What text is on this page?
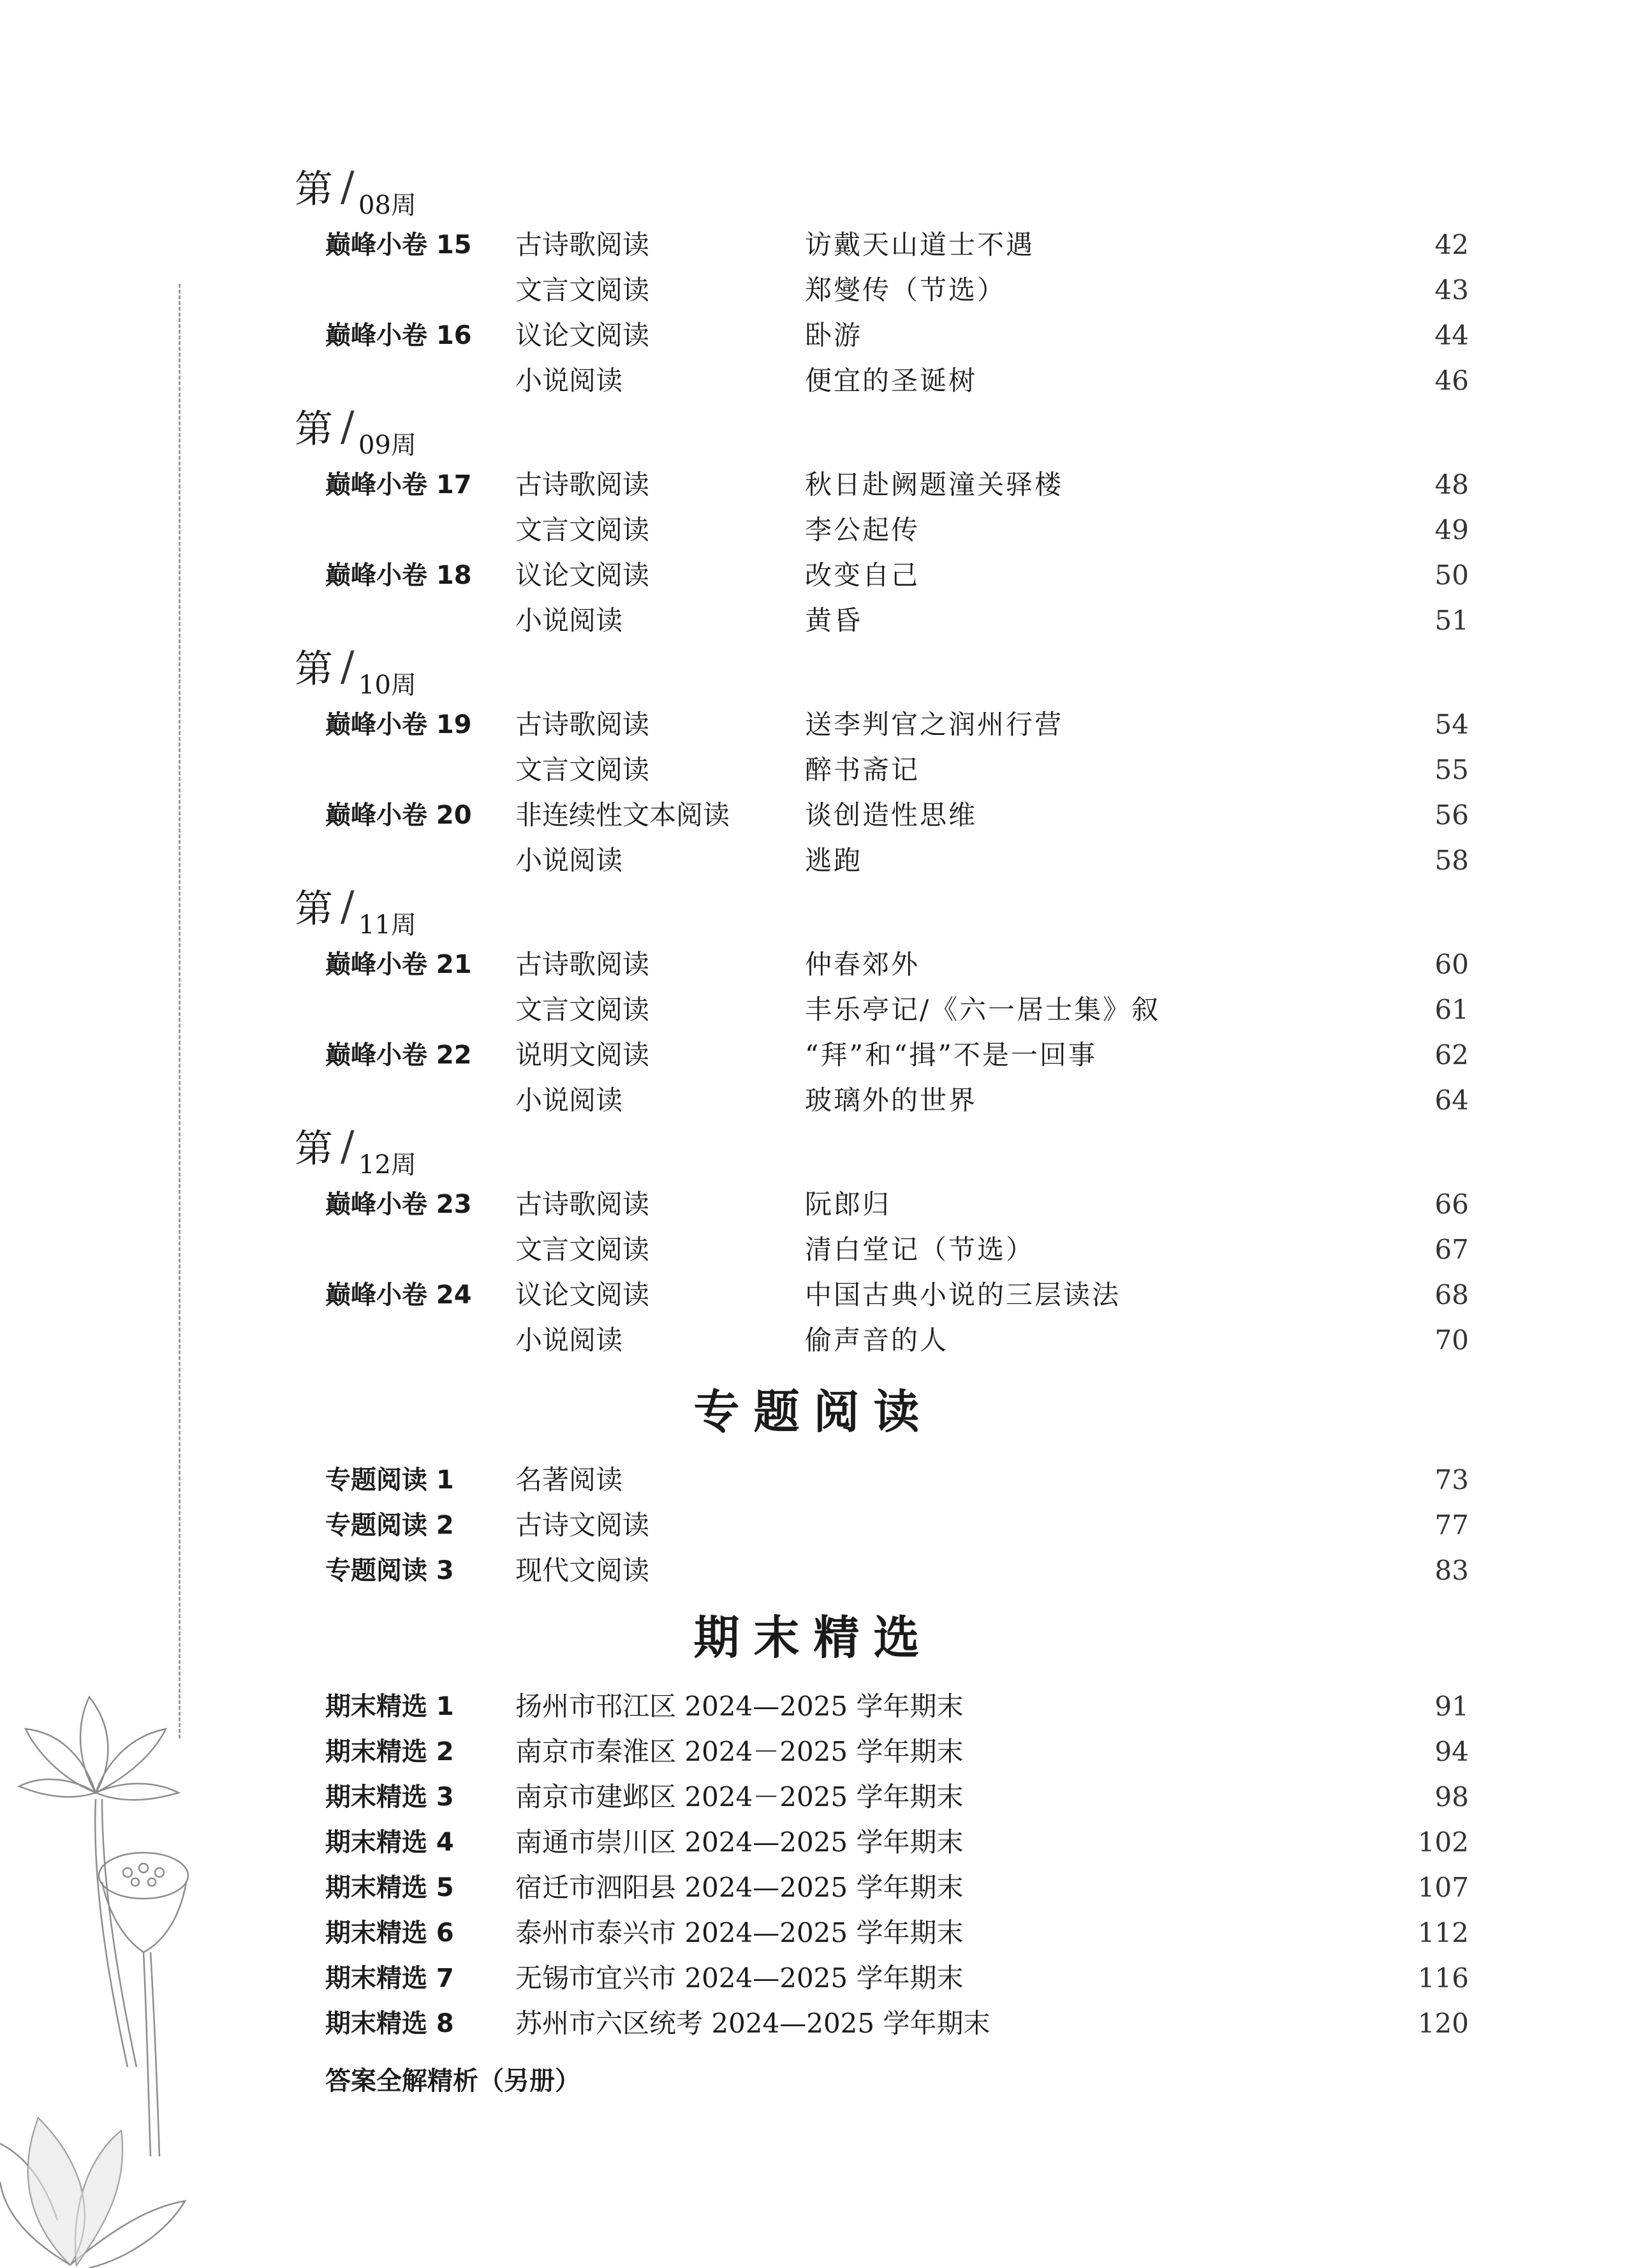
第 / 08周
巅峰小卷 15 古诗歌阅读	访戴天山道士不遇	42
文言文阅读	郑燮传（节选）	43
巅峰小卷 16 议论文阅读	卧游	44
小说阅读	便宜的圣诞树	46
第 / 09周
巅峰小卷 17 古诗歌阅读	秋日赴阙题潼关驿楼	48
文言文阅读	李公起传	49
巅峰小卷 18 议论文阅读	改变自己	50
小说阅读	黄昏	51
第 / 10周
巅峰小卷 19 古诗歌阅读	送李判官之润州行营	54
文言文阅读	醉书斋记	55
巅峰小卷 20 非连续性文本阅读	谈创造性思维	56
小说阅读	逃跑	58
第 / 11周
巅峰小卷 21 古诗歌阅读	仲春郊外	60
文言文阅读	丰乐亭记/《六一居士集》叙	61
巅峰小卷 22 说明文阅读	“拜”和“揖”不是一回事	62
小说阅读	玻璃外的世界	64
第 / 12周
巅峰小卷 23 古诗歌阅读	阮郎归	66
文言文阅读	清白堂记（节选）	67
巅峰小卷 24 议论文阅读	中国古典小说的三层读法	68
小说阅读	偷声音的人	70
专题阅读
专题阅读 1 名著阅读	73
专题阅读 2 古诗文阅读	77
专题阅读 3 现代文阅读	83
期末精选
期末精选 1 扬州市邗江区 2024—2025 学年期末	91
期末精选 2 南京市秦淮区 2024－2025 学年期末	94
期末精选 3 南京市建邺区 2024－2025 学年期末	98
期末精选 4 南通市崇川区 2024—2025 学年期末	102
期末精选 5 宿迁市泗阳县 2024—2025 学年期末	107
期末精选 6 泰州市泰兴市 2024—2025 学年期末	112
期末精选 7 无锡市宜兴市 2024—2025 学年期末	116
期末精选 8 苏州市六区统考 2024—2025 学年期末	120
答案全解精析（另册）
